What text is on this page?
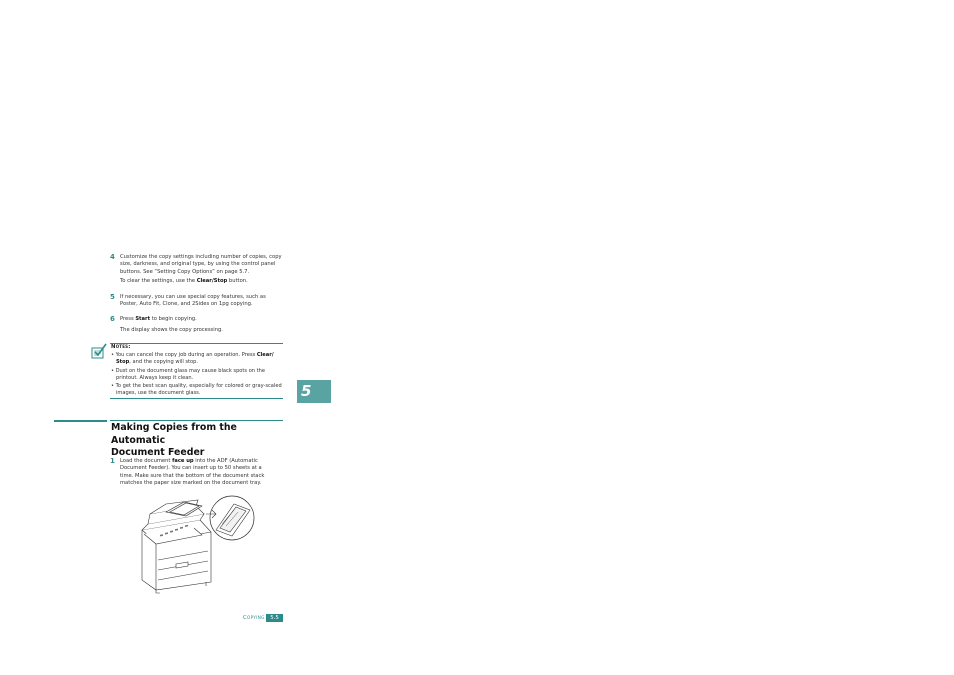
4 Customize the copy settings including number of copies, copy size, darkness, and original type, by using the control panel buttons. See “Setting Copy Options” on page 5.7.
To clear the settings, use the Clear/Stop button.
5 If necessary, you can use special copy features, such as Poster, Auto Fit, Clone, and 2Sides on 1pg copying.
6 Press Start to begin copying.
The display shows the copy processing.
Notes:
• You can cancel the copy job during an operation. Press Clear/ Stop, and the copying will stop.
• Dust on the document glass may cause black spots on the printout. Always keep it clean.
• To get the best scan quality, especially for colored or gray-scaled images, use the document glass.	5
Making Copies from the Automatic
Document Feeder
1 Load the document face up into the ADF (Automatic Document Feeder). You can insert up to 50 sheets at a time. Make sure that the bottom of the document stack matches the paper size marked on the document tray.
Copying	5.5
